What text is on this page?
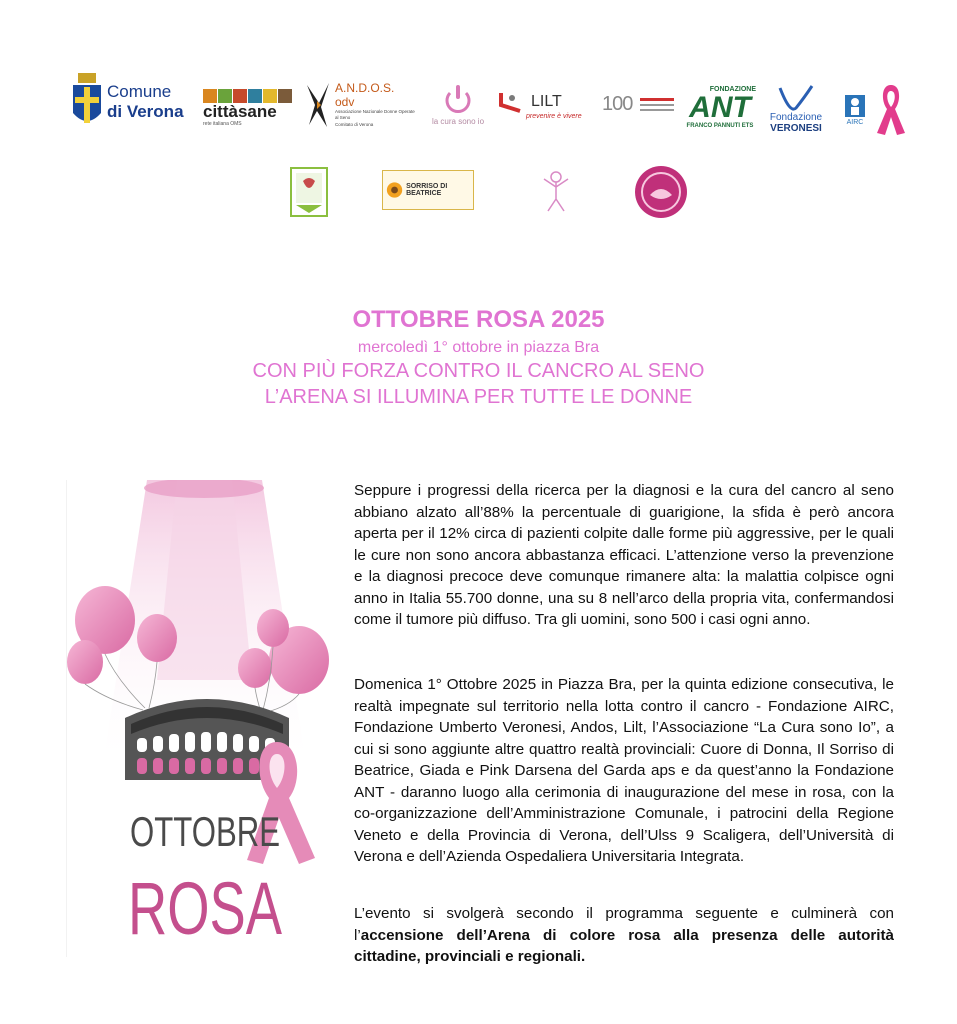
Comune
di Verona cittàsane
rete italiana OMS
A.N.D.O.S. odv
Associazione Nazionale Donne Operate al Seno
Comitato di Verona	la cura sono io
LILT
prevenire è vivere
100
FONDAZIONE
ANT
FRANCO PANNUTI ETS
Fondazione
VERONESI
AIRC
SORRISO DI BEATRICE
OTTOBRE ROSA 2025
mercoledì 1° ottobre in piazza Bra
CON PIÙ FORZA CONTRO IL CANCRO AL SENO
L’ARENA SI ILLUMINA PER TUTTE LE DONNE
OTTOBRE
ROSA
Seppure i progressi della ricerca per la diagnosi e la cura del cancro al seno abbiano alzato all’88% la percentuale di guarigione, la sfida è però ancora aperta per il 12% circa di pazienti colpite dalle forme più aggressive, per le quali le cure non sono ancora abbastanza efficaci. L’attenzione verso la prevenzione e la diagnosi precoce deve comunque rimanere alta: la malattia colpisce ogni anno in Italia 55.700 donne, una su 8 nell’arco della propria vita, confermandosi come il tumore più diffuso. Tra gli uomini, sono 500 i casi ogni anno.
Domenica 1° Ottobre 2025 in Piazza Bra, per la quinta edizione consecutiva, le realtà impegnate sul territorio nella lotta contro il cancro - Fondazione AIRC, Fondazione Umberto Veronesi, Andos, Lilt, l’Associazione “La Cura sono Io”, a cui si sono aggiunte altre quattro realtà provinciali: Cuore di Donna, Il Sorriso di Beatrice, Giada e Pink Darsena del Garda aps e da quest’anno la Fondazione ANT - daranno luogo alla cerimonia di inaugurazione del mese in rosa, con la co-organizzazione dell’Amministrazione Comunale, i patrocini della Regione Veneto e della Provincia di Verona, dell’Ulss 9 Scaligera, dell’Università di Verona e dell’Azienda Ospedaliera Universitaria Integrata.
L’evento si svolgerà secondo il programma seguente e culminerà con l’accensione dell’Arena di colore rosa alla presenza delle autorità cittadine, provinciali e regionali.
